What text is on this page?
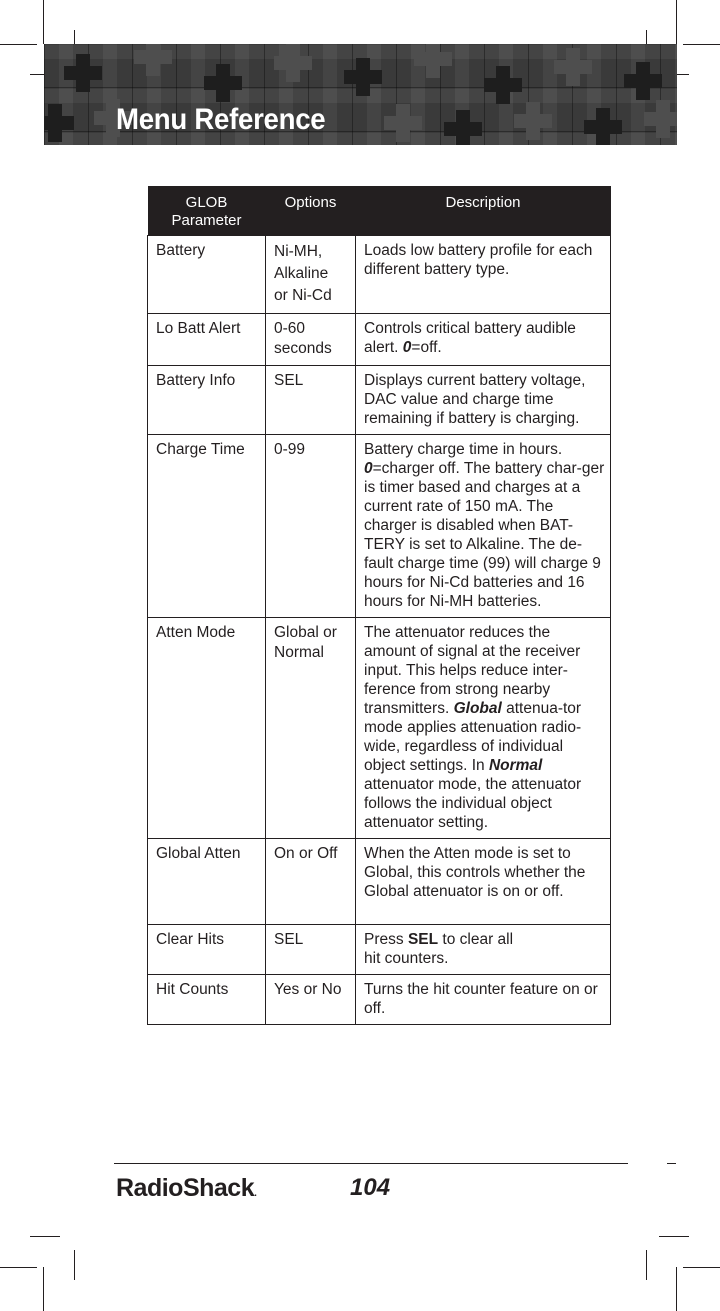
Menu Reference
GLOB Parameter	Options	Description
Battery	Ni-MH,
Alkaline
or Ni-Cd	Loads low battery profile for each different battery type.
Lo Batt Alert	0-60
seconds	Controls critical battery audible alert. 0=off.
Battery Info	SEL	Displays current battery voltage, DAC value and charge time remaining if battery is charging.
Charge Time	0-99	Battery charge time in hours. 0=charger off. The battery char-ger is timer based and charges at a current rate of 150 mA. The charger is disabled when BAT-TERY is set to Alkaline. The de-fault charge time (99) will charge 9 hours for Ni-Cd batteries and 16 hours for Ni-MH batteries.
Atten Mode	Global or
Normal	The attenuator reduces the amount of signal at the receiver input. This helps reduce inter-ference from strong nearby transmitters. Global attenua-tor mode applies attenuation radio-wide, regardless of individual object settings. In Normal attenuator mode, the attenuator follows the individual object attenuator setting.
Global Atten	On or Off	When the Atten mode is set to Global, this controls whether the Global attenuator is on or off.
Clear Hits	SEL	Press SEL to clear all
hit counters.
Hit Counts	Yes or No	Turns the hit counter feature on or off.
RadioShack.	104
